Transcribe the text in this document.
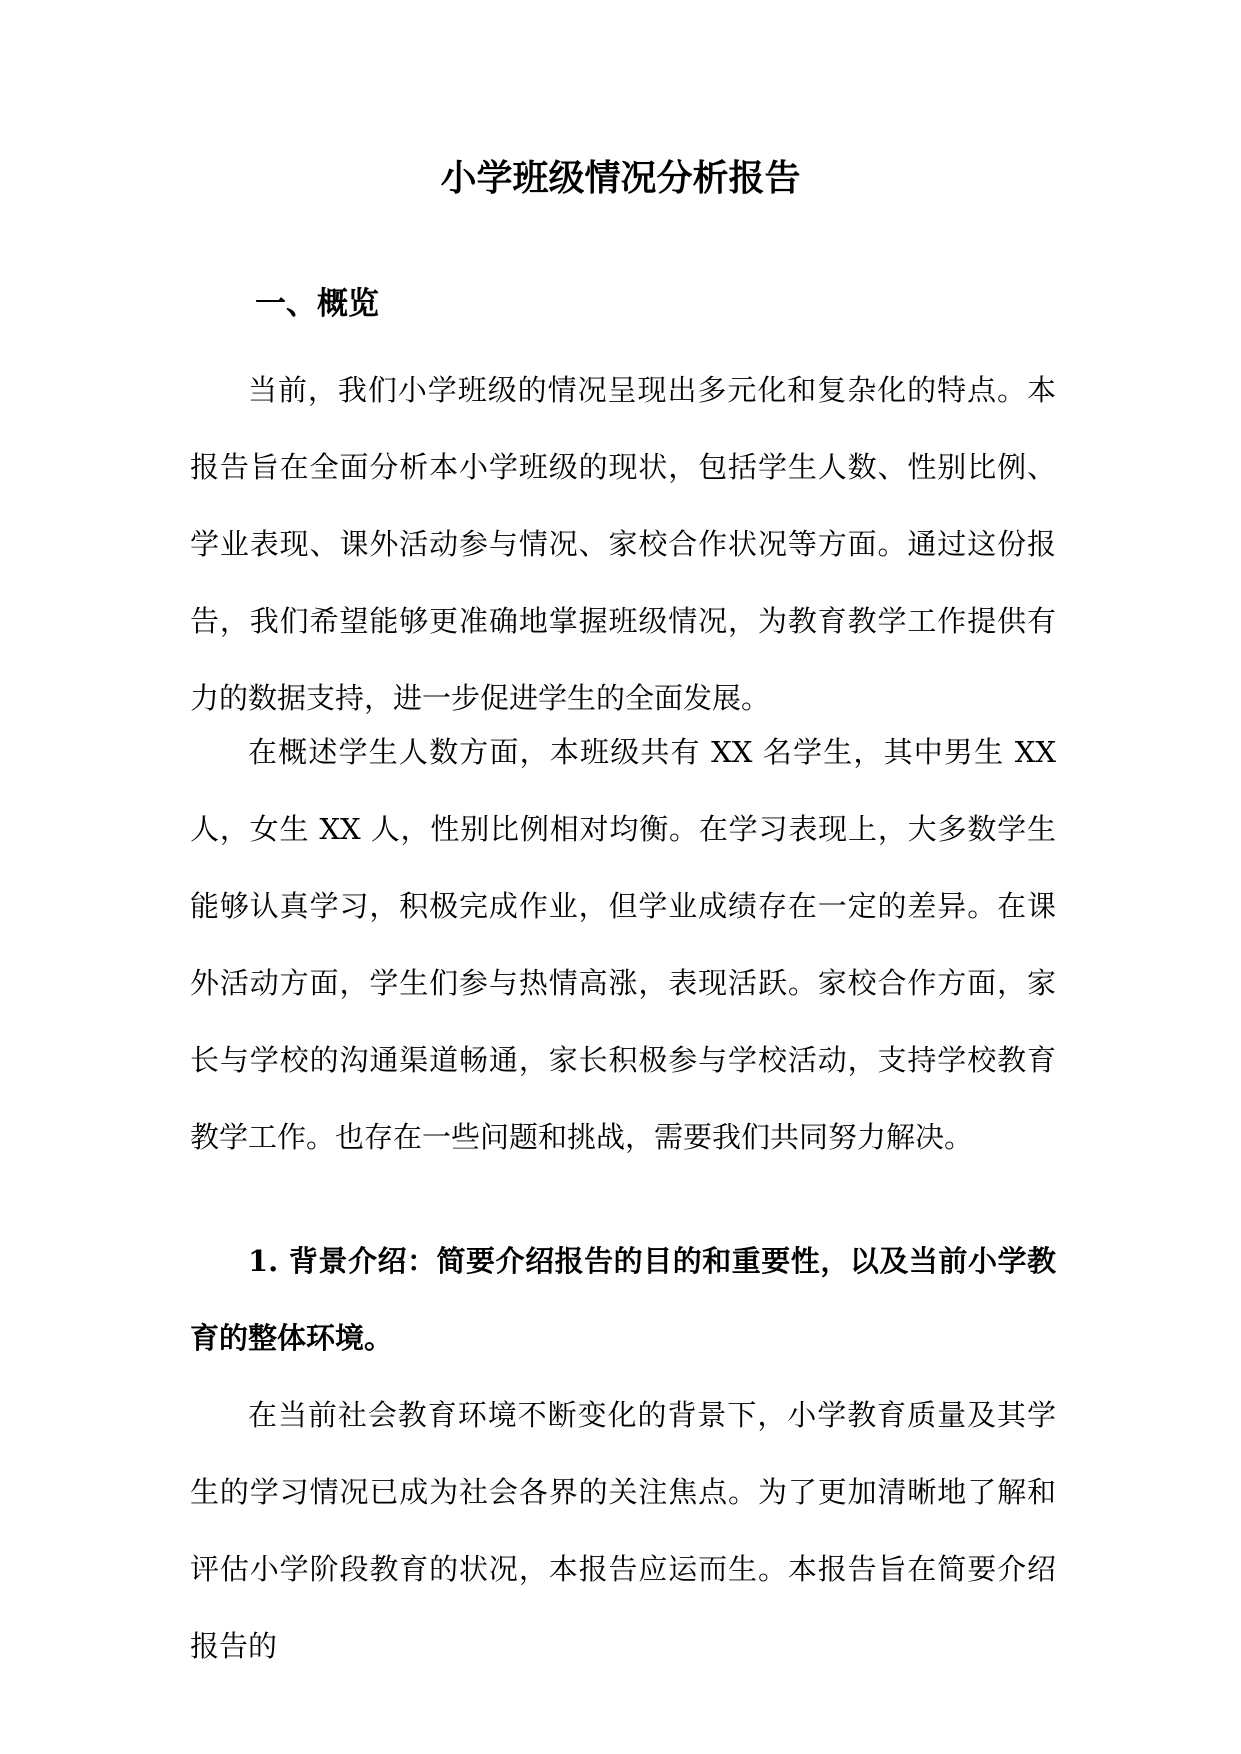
小学班级情况分析报告
一、概览

当前，我们小学班级的情况呈现出多元化和复杂化的特点。本报告旨在全面分析本小学班级的现状，包括学生人数、性别比例、学业表现、课外活动参与情况、家校合作状况等方面。通过这份报告，我们希望能够更准确地掌握班级情况，为教育教学工作提供有力的数据支持，进一步促进学生的全面发展。

在概述学生人数方面，本班级共有 XX 名学生，其中男生 XX 人，女生 XX 人，性别比例相对均衡。在学习表现上，大多数学生能够认真学习，积极完成作业，但学业成绩存在一定的差异。在课外活动方面，学生们参与热情高涨，表现活跃。家校合作方面，家长与学校的沟通渠道畅通，家长积极参与学校活动，支持学校教育教学工作。也存在一些问题和挑战，需要我们共同努力解决。

1. 背景介绍：简要介绍报告的目的和重要性，以及当前小学教育的整体环境。

在当前社会教育环境不断变化的背景下，小学教育质量及其学生的学习情况已成为社会各界的关注焦点。为了更加清晰地了解和评估小学阶段教育的状况，本报告应运而生。本报告旨在简要介绍报告的
